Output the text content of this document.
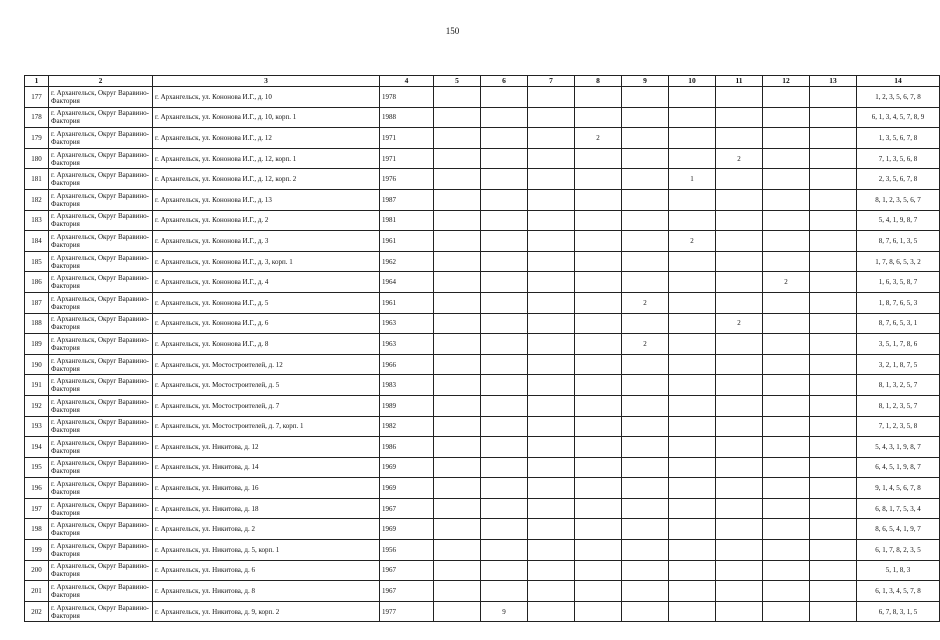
150
1	2	3	4	5	6	7	8	9	10	11	12	13	14
177	г. Архангельск, Округ Варавино-Фактория	г. Архангельск, ул. Кононова И.Г., д. 10	1978										1, 2, 3, 5, 6, 7, 8
178	г. Архангельск, Округ Варавино-Фактория	г. Архангельск, ул. Кононова И.Г., д. 10, корп. 1	1988										6, 1, 3, 4, 5, 7, 8, 9
179	г. Архангельск, Округ Варавино-Фактория	г. Архангельск, ул. Кононова И.Г., д. 12	1971				2						1, 3, 5, 6, 7, 8
180	г. Архангельск, Округ Варавино-Фактория	г. Архангельск, ул. Кононова И.Г., д. 12, корп. 1	1971							2			7, 1, 3, 5, 6, 8
181	г. Архангельск, Округ Варавино-Фактория	г. Архангельск, ул. Кононова И.Г., д. 12, корп. 2	1976						1				2, 3, 5, 6, 7, 8
182	г. Архангельск, Округ Варавино-Фактория	г. Архангельск, ул. Кононова И.Г., д. 13	1987										8, 1, 2, 3, 5, 6, 7
183	г. Архангельск, Округ Варавино-Фактория	г. Архангельск, ул. Кононова И.Г., д. 2	1981										5, 4, 1, 9, 8, 7
184	г. Архангельск, Округ Варавино-Фактория	г. Архангельск, ул. Кононова И.Г., д. 3	1961						2				8, 7, 6, 1, 3, 5
185	г. Архангельск, Округ Варавино-Фактория	г. Архангельск, ул. Кононова И.Г., д. 3, корп. 1	1962										1, 7, 8, 6, 5, 3, 2
186	г. Архангельск, Округ Варавино-Фактория	г. Архангельск, ул. Кононова И.Г., д. 4	1964								2		1, 6, 3, 5, 8, 7
187	г. Архангельск, Округ Варавино-Фактория	г. Архангельск, ул. Кононова И.Г., д. 5	1961					2					1, 8, 7, 6, 5, 3
188	г. Архангельск, Округ Варавино-Фактория	г. Архангельск, ул. Кононова И.Г., д. 6	1963							2			8, 7, 6, 5, 3, 1
189	г. Архангельск, Округ Варавино-Фактория	г. Архангельск, ул. Кононова И.Г., д. 8	1963					2					3, 5, 1, 7, 8, 6
190	г. Архангельск, Округ Варавино-Фактория	г. Архангельск, ул. Мостостроителей, д. 12	1966										3, 2, 1, 8, 7, 5
191	г. Архангельск, Округ Варавино-Фактория	г. Архангельск, ул. Мостостроителей, д. 5	1983										8, 1, 3, 2, 5, 7
192	г. Архангельск, Округ Варавино-Фактория	г. Архангельск, ул. Мостостроителей, д. 7	1989										8, 1, 2, 3, 5, 7
193	г. Архангельск, Округ Варавино-Фактория	г. Архангельск, ул. Мостостроителей, д. 7, корп. 1	1982										7, 1, 2, 3, 5, 8
194	г. Архангельск, Округ Варавино-Фактория	г. Архангельск, ул. Никитова, д. 12	1986										5, 4, 3, 1, 9, 8, 7
195	г. Архангельск, Округ Варавино-Фактория	г. Архангельск, ул. Никитова, д. 14	1969										6, 4, 5, 1, 9, 8, 7
196	г. Архангельск, Округ Варавино-Фактория	г. Архангельск, ул. Никитова, д. 16	1969										9, 1, 4, 5, 6, 7, 8
197	г. Архангельск, Округ Варавино-Фактория	г. Архангельск, ул. Никитова, д. 18	1967										6, 8, 1, 7, 5, 3, 4
198	г. Архангельск, Округ Варавино-Фактория	г. Архангельск, ул. Никитова, д. 2	1969										8, 6, 5, 4, 1, 9, 7
199	г. Архангельск, Округ Варавино-Фактория	г. Архангельск, ул. Никитова, д. 5, корп. 1	1956										6, 1, 7, 8, 2, 3, 5
200	г. Архангельск, Округ Варавино-Фактория	г. Архангельск, ул. Никитова, д. 6	1967										5, 1, 8, 3
201	г. Архангельск, Округ Варавино-Фактория	г. Архангельск, ул. Никитова, д. 8	1967										6, 1, 3, 4, 5, 7, 8
202	г. Архангельск, Округ Варавино-Фактория	г. Архангельск, ул. Никитова, д. 9, корп. 2	1977		9								6, 7, 8, 3, 1, 5
